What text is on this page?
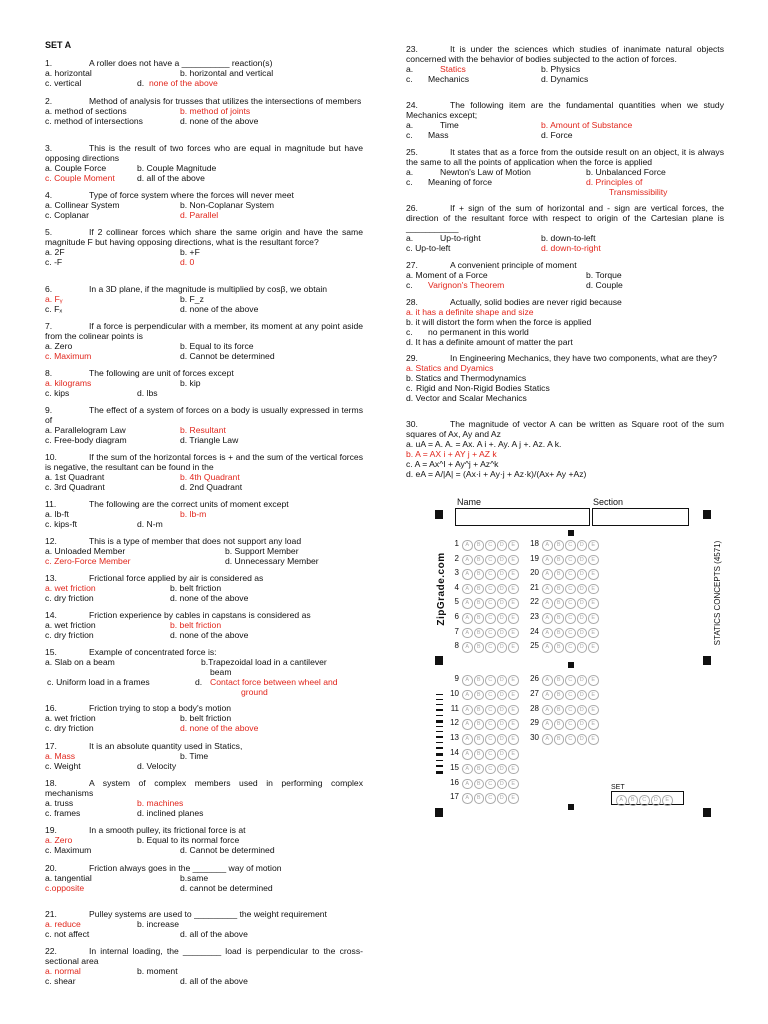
SET A
1.	A roller does not have a __________ reaction(s)
a. horizontal	b. horizontal and vertical
c. vertical	d. none of the above
2.	Method of analysis for trusses that utilizes the intersections of members
a. method of sections	b. method of joints
c. method of intersections	d. none of the above
3.	This is the result of two forces who are equal in magnitude but have opposing directions
a. Couple Force	b. Couple Magnitude
c. Couple Moment	d. all of the above
4.	Type of force system where the forces will never meet
a. Collinear System	b. Non-Coplanar System
c. Coplanar	d. Parallel
5.	If 2 collinear forces which share the same origin and have the same magnitude F but having opposing directions, what is the resultant force?
a. 2F	b. +F
c. -F	d. 0
6.	In a 3D plane, if the magnitude is multiplied by cosβ, we obtain
a. Fᵧ	b. F_z
c. Fₓ	d. none of the above
7.	If a force is perpendicular with a member, its moment at any point aside from the colinear points is
a. Zero	b. Equal to its force
c. Maximum	d. Cannot be determined
8.	The following are unit of forces except
a. kilograms	b. kip
c. kips	d. lbs
9.	The effect of a system of forces on a body is usually expressed in terms of
a. Parallelogram Law	b. Resultant
c. Free-body diagram	d. Triangle Law
10.	If the sum of the horizontal forces is + and the sum of the vertical forces is negative, the resultant can be found in the
a. 1st Quadrant	b. 4th Quadrant
c. 3rd Quadrant	d. 2nd Quadrant
11.	The following are the correct units of moment except
a. lb-ft	b. lb-m
c. kips-ft	d. N-m
12.	This is a type of member that does not support any load
a. Unloaded Member	b. Support Member
c. Zero-Force Member	d. Unnecessary Member
13.	Frictional force applied by air is considered as
a. wet friction	b. belt friction
c. dry friction	d. none of the above
14.	Friction experience by cables in capstans is considered as
a. wet friction	b. belt friction
c. dry friction	d. none of the above
15.	Example of concentrated force is:
a. Slab on a beam	b.Trapezoidal load in a cantilever
beam
c. Uniform load in a frames	d. Contact force between wheel and
ground
16.	Friction trying to stop a body's motion
a. wet friction	b. belt friction
c. dry friction	d. none of the above
17.	It is an absolute quantity used in Statics,
a. Mass	b. Time
c. Weight	d. Velocity
18.	A system of complex members used in performing complex mechanisms
a. truss	b. machines
c. frames	d. inclined planes
19.	In a smooth pulley, its frictional force is at
a. Zero	b. Equal to its normal force
c. Maximum	d. Cannot be determined
20.	Friction always goes in the _______ way of motion
a. tangential	b.same
c.opposite	d. cannot be determined
21.	Pulley systems are used to _________ the weight requirement
a. reduce	b. increase
c. not affect	d. all of the above
22.	In internal loading, the ________ load is perpendicular to the cross-sectional area
a. normal	b. moment
c. shear	d. all of the above
23.	It is under the sciences which studies of inanimate natural objects concerned with the behavior of bodies subjected to the action of forces.
a.	Statics	b. Physics
c. Mechanics	d. Dynamics
24.	The following item are the fundamental quantities when we study Mechanics except;
a.	Time	b. Amount of Substance
c. Mass	d. Force
25.	It states that as a force from the outside result on an object, it is always the same to all the points of application when the force is applied
a.	Newton's Law of Motion	b. Unbalanced Force
c. Meaning of force	d. Principles of
Transmissibility
26.	If + sign of the sum of horizontal and - sign are vertical forces, the direction of the resultant force with respect to origin of the Cartesian plane is ___________
a.	Up-to-right	b. down-to-left
c. Up-to-left	d. down-to-right
27.	A convenient principle of moment
a. Moment of a Force	b. Torque
c. Varignon's Theorem	d. Couple
28.	Actually, solid bodies are never rigid because
a. it has a definite shape and size
b. it will distort the form when the force is applied
c. no permanent in this world
d. It has a definite amount of matter the part
29.	In Engineering Mechanics, they have two components, what are they?
a. Statics and Dyamics
b. Statics and Thermodynamics
c. Rigid and Non-Rigid Bodies Statics
d. Vector and Scalar Mechanics
30.	The magnitude of vector A can be written as Square root of the sum squares of Ax, Ay and Az
a. uA = A. A. = Ax. A i +. Ay. A j +. Az. A k.
b. A = AX i + AY j + AZ k
c. A = Ax^I + Ay^j + Az^k
d. eA = A/|A| = (Ax·i + Ay·j + Az·k)/(Ax+ Ay +Az)
Name	Section
ZipGrade.com	STATICS CONCEPTS (4571)
SET
A B C D E
1 A B C D E
2 A B C D E
3 A B C D E
4 A B C D E
5 A B C D E
6 A B C D E
7 A B C D E
8 A B C D E
18 A B C D E
19 A B C D E
20 A B C D E
21 A B C D E
22 A B C D E
23 A B C D E
24 A B C D E
25 A B C D E
9 A B C D E
10 A B C D E
11 A B C D E
12 A B C D E
13 A B C D E
14 A B C D E
15 A B C D E
16 A B C D E
17 A B C D E
26 A B C D E
27 A B C D E
28 A B C D E
29 A B C D E
30 A B C D E
